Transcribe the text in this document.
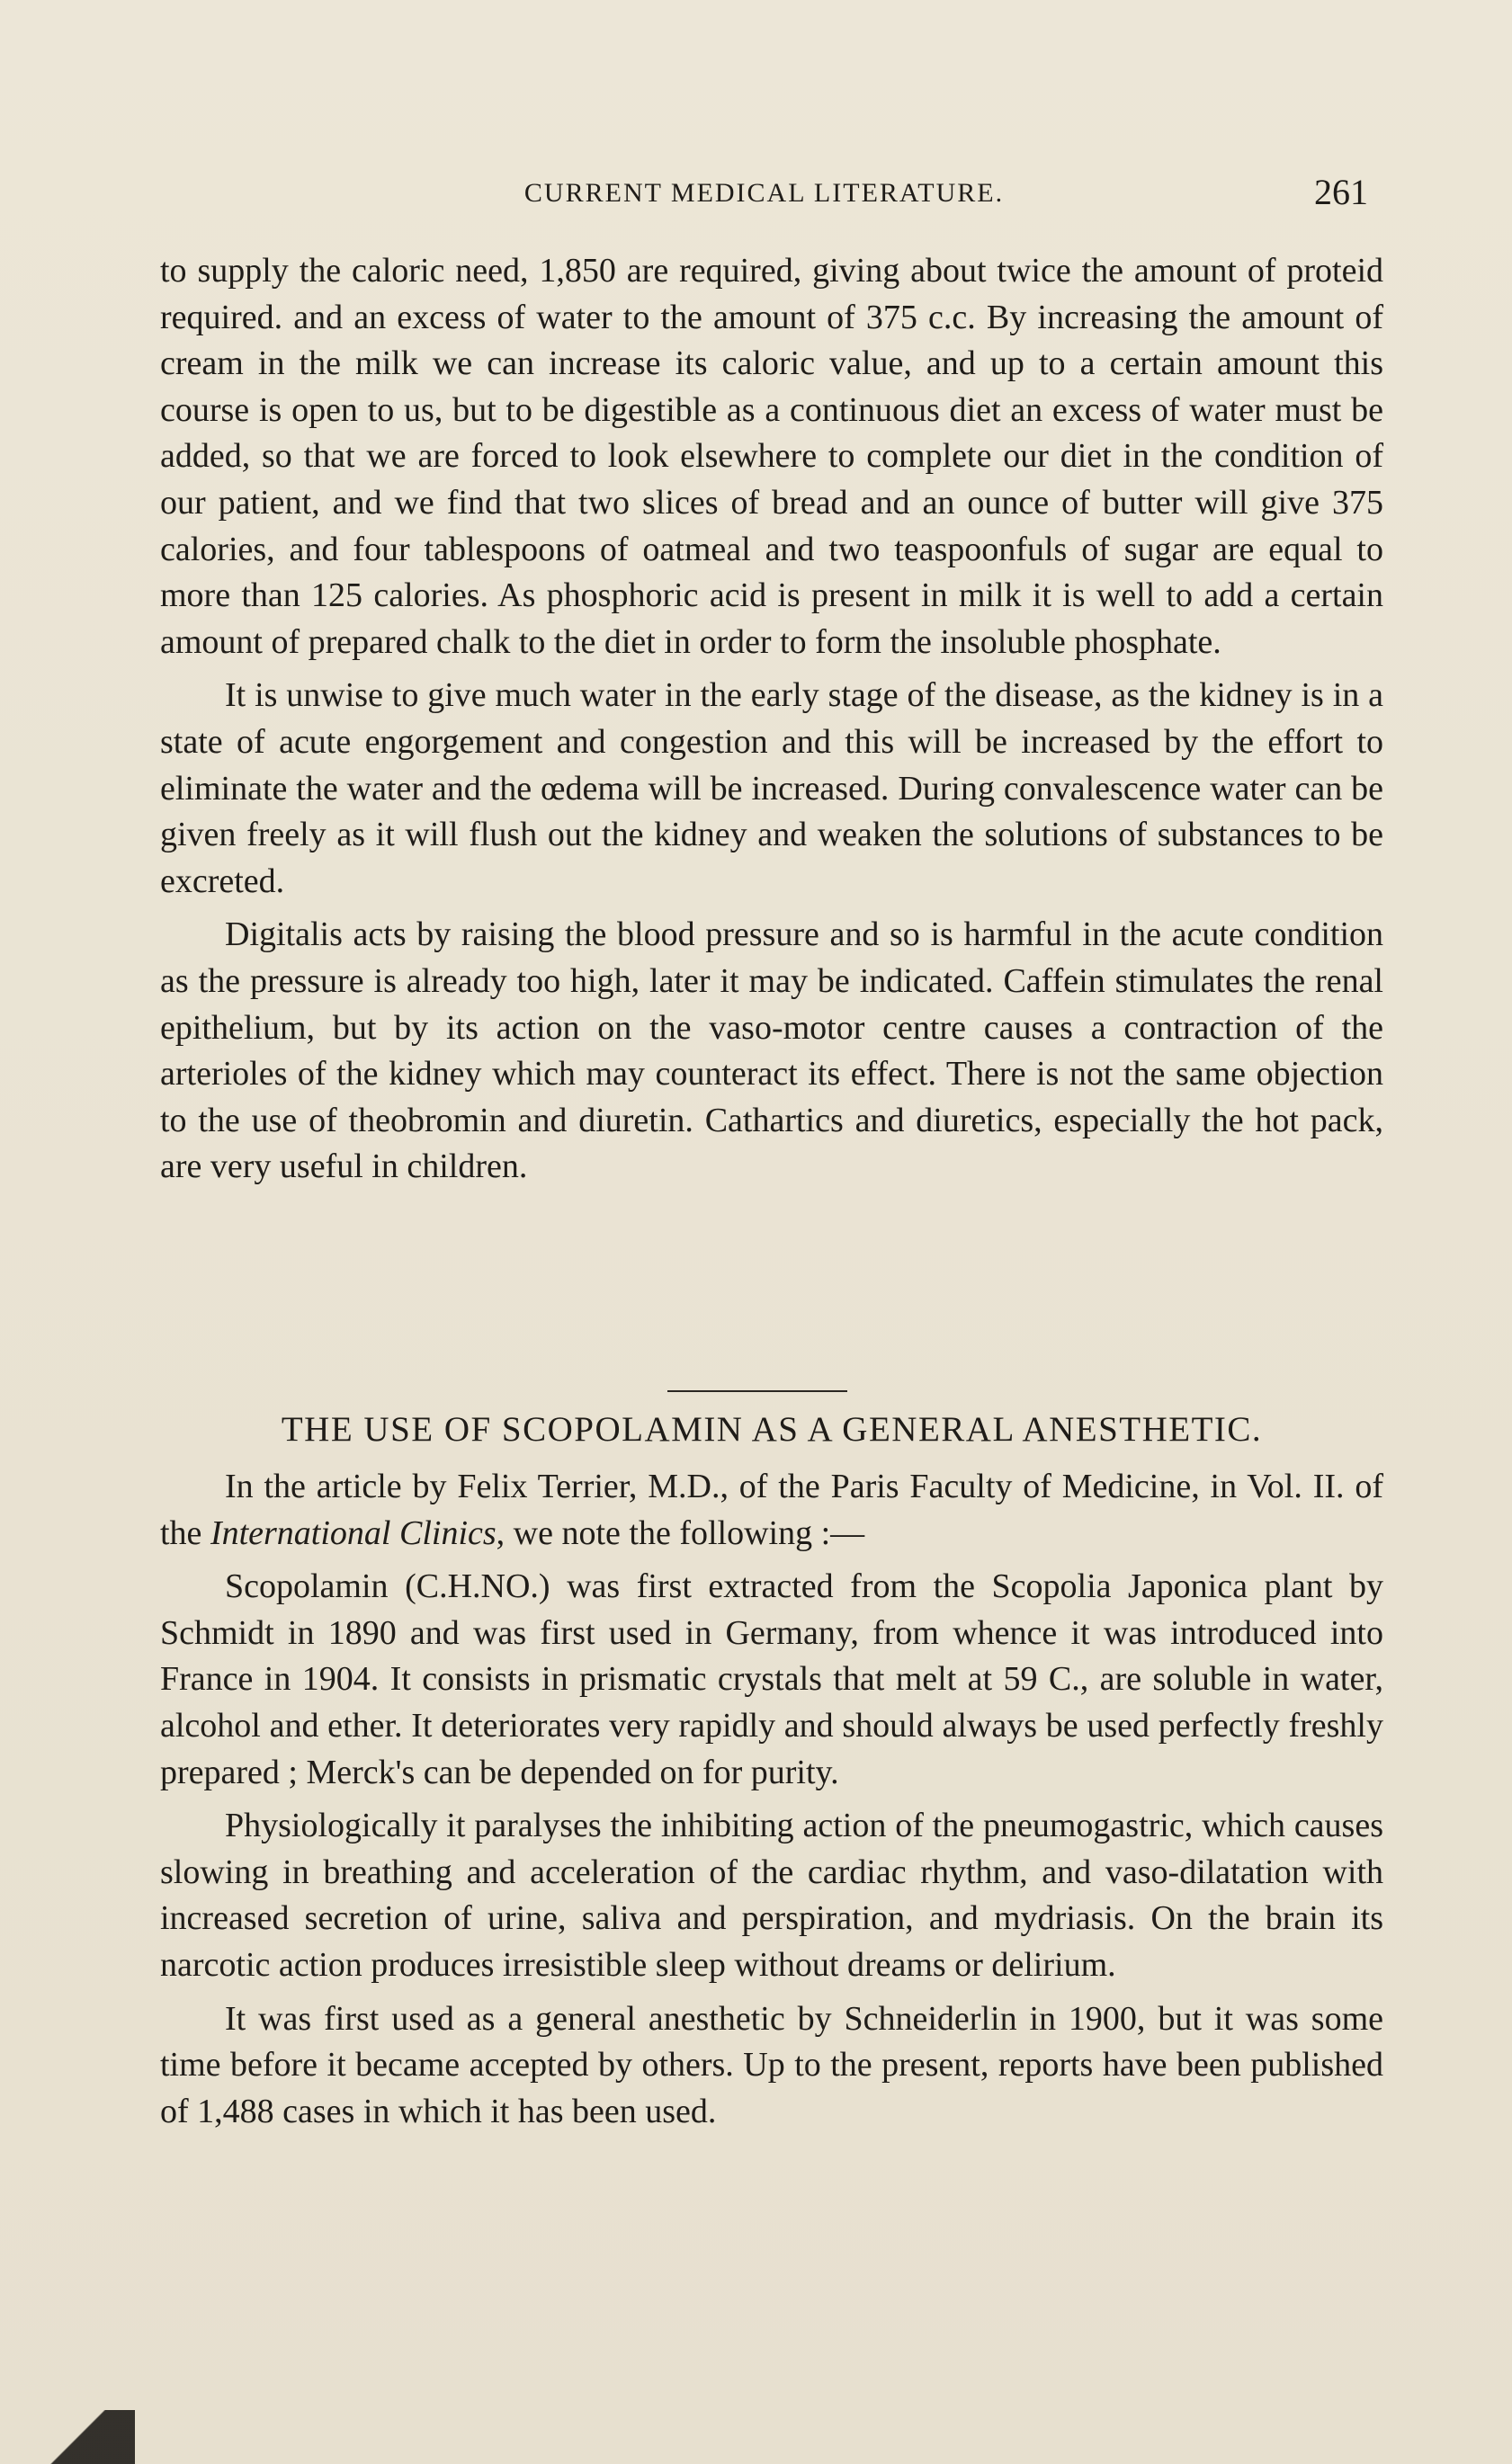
CURRENT MEDICAL LITERATURE.	261

to supply the caloric need, 1,850 are required, giving about twice the amount of proteid required. and an excess of water to the amount of 375 c.c. By increasing the amount of cream in the milk we can increase its caloric value, and up to a certain amount this course is open to us, but to be digestible as a continuous diet an excess of water must be added, so that we are forced to look elsewhere to complete our diet in the condition of our patient, and we find that two slices of bread and an ounce of butter will give 375 calories, and four tablespoons of oatmeal and two teaspoonfuls of sugar are equal to more than 125 calories. As phosphoric acid is present in milk it is well to add a certain amount of prepared chalk to the diet in order to form the insoluble phosphate.

It is unwise to give much water in the early stage of the disease, as the kidney is in a state of acute engorgement and congestion and this will be increased by the effort to eliminate the water and the œdema will be increased. During convalescence water can be given freely as it will flush out the kidney and weaken the solutions of substances to be excreted.

Digitalis acts by raising the blood pressure and so is harmful in the acute condition as the pressure is already too high, later it may be indicated. Caffein stimulates the renal epithelium, but by its action on the vaso-motor centre causes a contraction of the arterioles of the kidney which may counteract its effect. There is not the same objection to the use of theobromin and diuretin. Cathartics and diuretics, especially the hot pack, are very useful in children.

THE USE OF SCOPOLAMIN AS A GENERAL ANESTHETIC.

In the article by Felix Terrier, M.D., of the Paris Faculty of Medicine, in Vol. II. of the International Clinics, we note the following :—

Scopolamin (C.H.NO.) was first extracted from the Scopolia Japonica plant by Schmidt in 1890 and was first used in Germany, from whence it was introduced into France in 1904. It consists in prismatic crystals that melt at 59 C., are soluble in water, alcohol and ether. It deteriorates very rapidly and should always be used perfectly freshly prepared ; Merck's can be depended on for purity.

Physiologically it paralyses the inhibiting action of the pneumogastric, which causes slowing in breathing and acceleration of the cardiac rhythm, and vaso-dilatation with increased secretion of urine, saliva and perspiration, and mydriasis. On the brain its narcotic action produces irresistible sleep without dreams or delirium.

It was first used as a general anesthetic by Schneiderlin in 1900, but it was some time before it became accepted by others. Up to the present, reports have been published of 1,488 cases in which it has been used.
